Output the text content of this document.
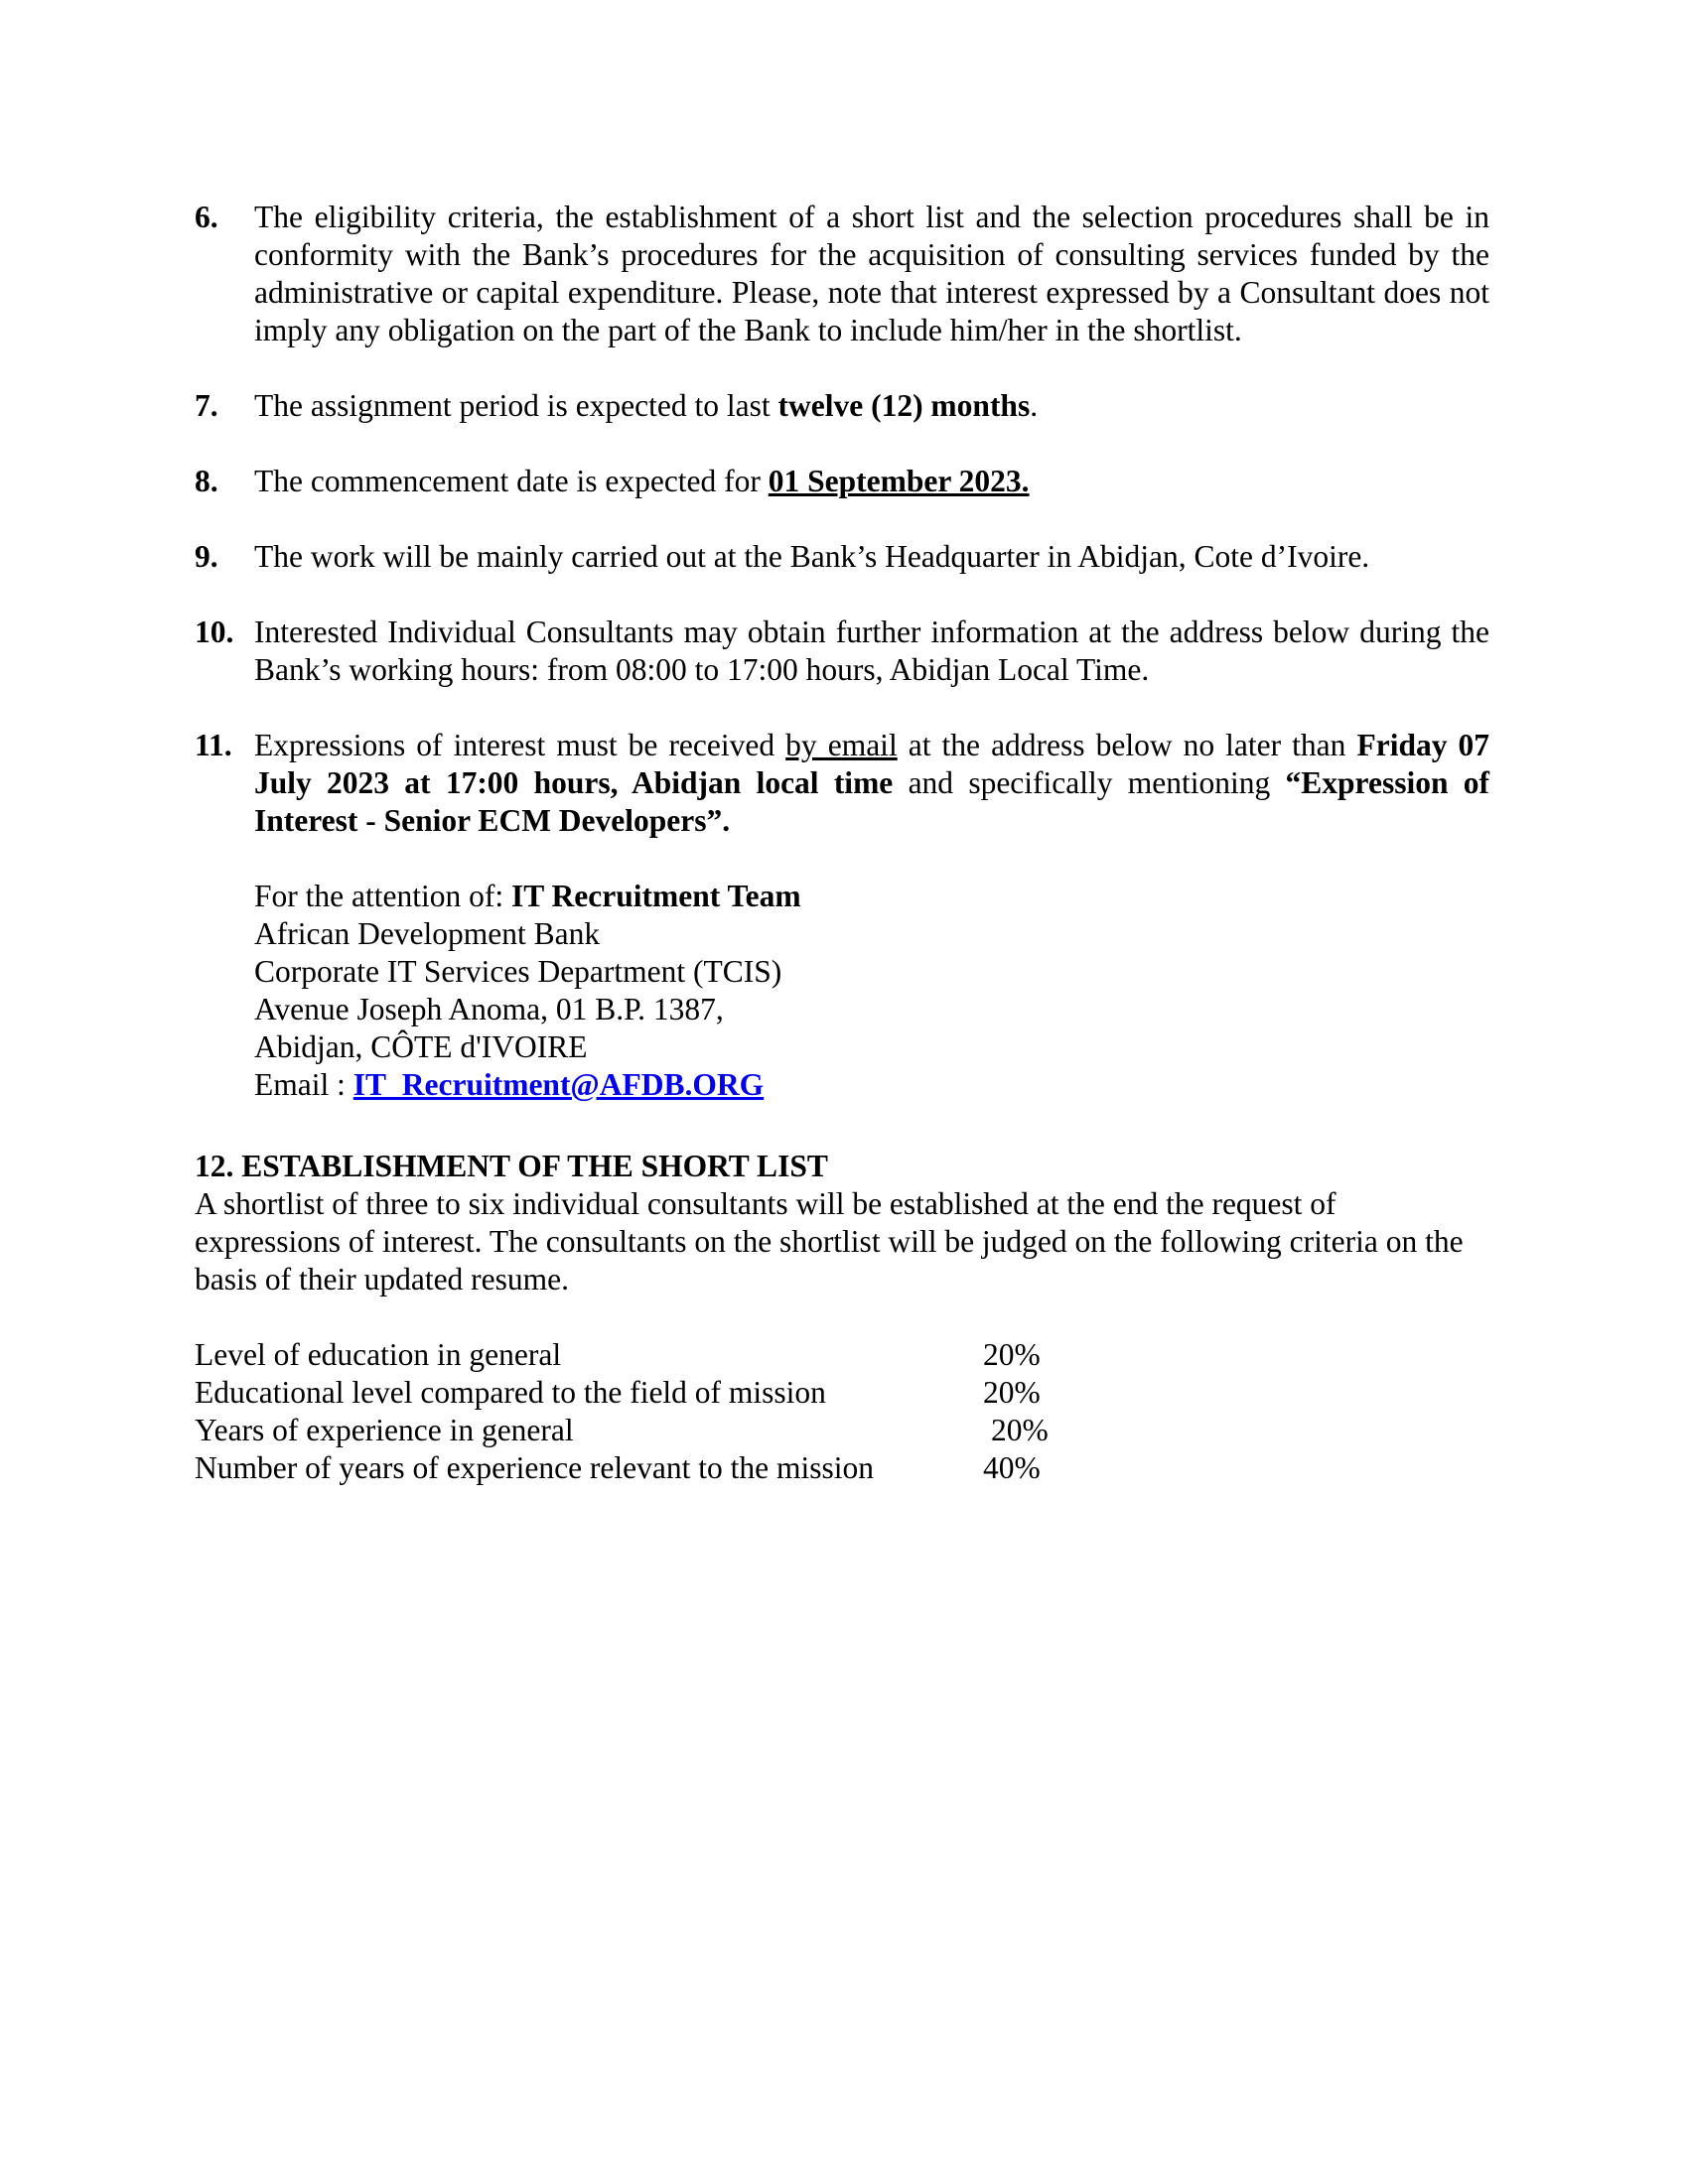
6.	The eligibility criteria, the establishment of a short list and the selection procedures shall be in conformity with the Bank’s procedures for the acquisition of consulting services funded by the administrative or capital expenditure. Please, note that interest expressed by a Consultant does not imply any obligation on the part of the Bank to include him/her in the shortlist.
7.	The assignment period is expected to last twelve (12) months.
8.	The commencement date is expected for 01 September 2023.
9.	The work will be mainly carried out at the Bank’s Headquarter in Abidjan, Cote d’Ivoire.
10. Interested Individual Consultants may obtain further information at the address below during the Bank’s working hours: from 08:00 to 17:00 hours, Abidjan Local Time.
11. Expressions of interest must be received by email at the address below no later than Friday 07 July 2023 at 17:00 hours, Abidjan local time and specifically mentioning “Expression of Interest - Senior ECM Developers”.
For the attention of: IT Recruitment Team
African Development Bank
Corporate IT Services Department (TCIS)
Avenue Joseph Anoma, 01 B.P. 1387,
Abidjan, CÔTE d'IVOIRE
Email : IT_Recruitment@AFDB.ORG
12. ESTABLISHMENT OF THE SHORT LIST
A shortlist of three to six individual consultants will be established at the end the request of expressions of interest. The consultants on the shortlist will be judged on the following criteria on the basis of their updated resume.
Level of education in general	20%
Educational level compared to the field of mission	20%
Years of experience in general	20%
Number of years of experience relevant to the mission	40%
